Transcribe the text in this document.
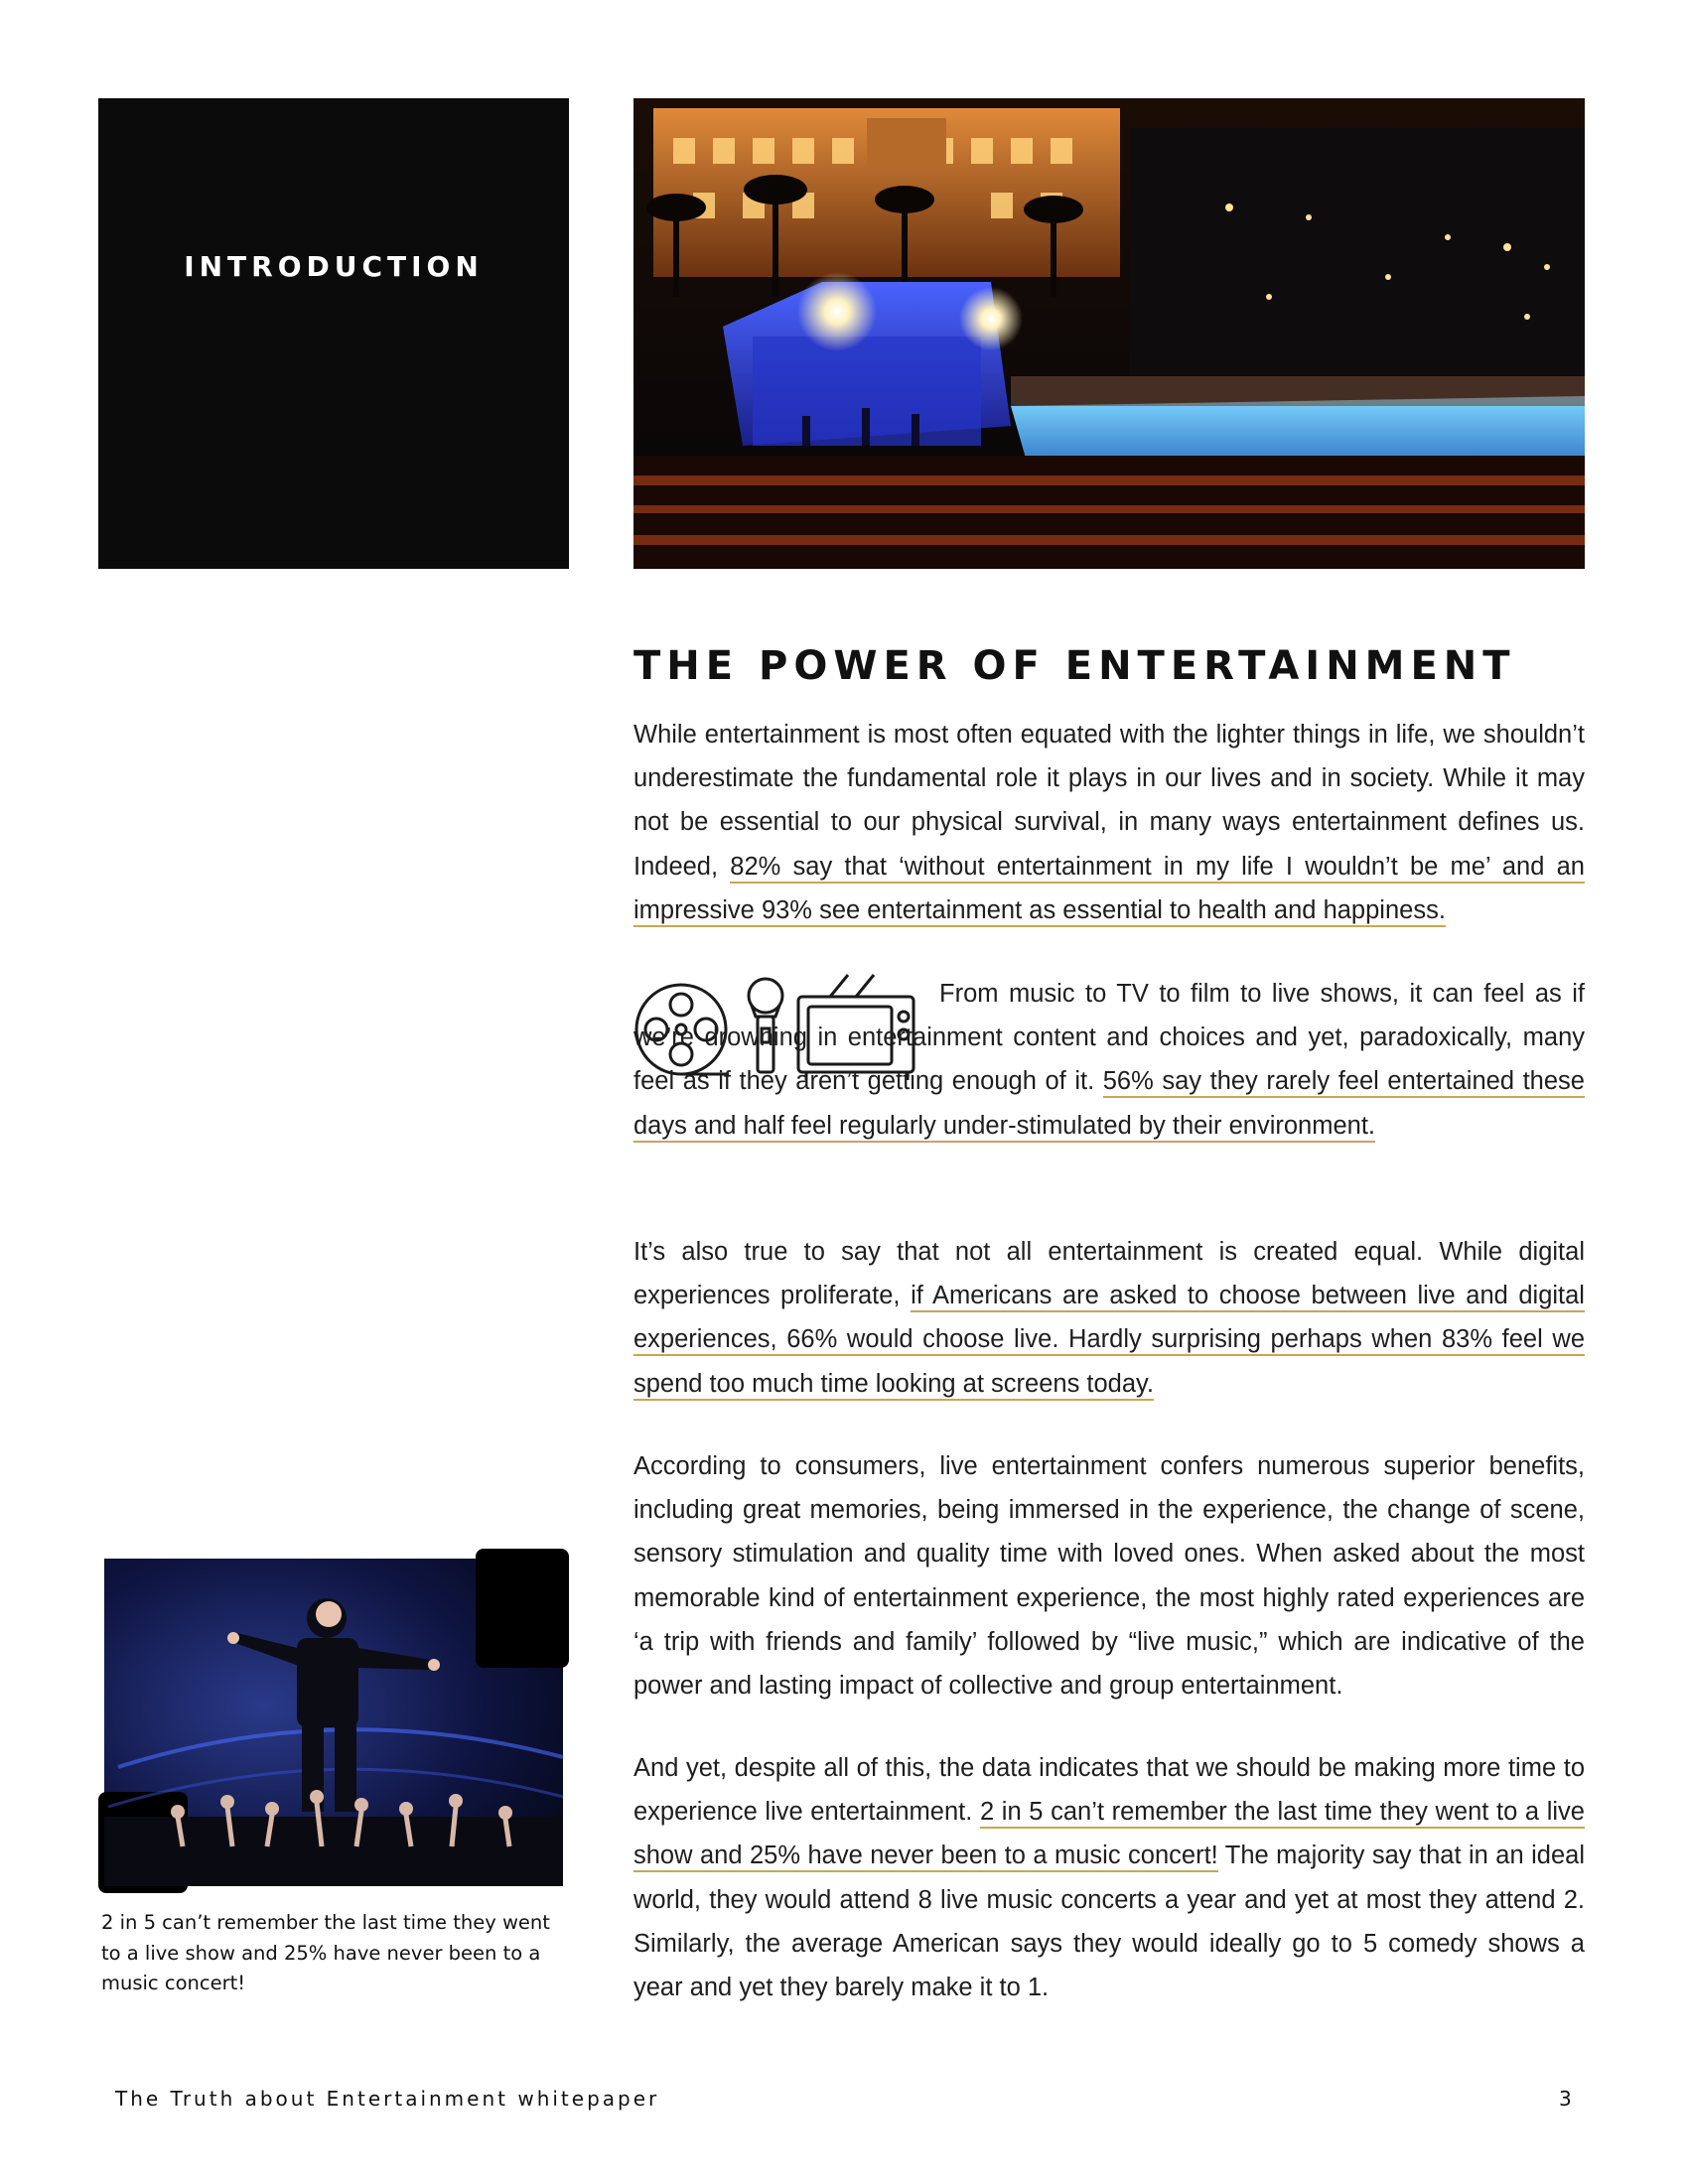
INTRODUCTION
THE POWER OF ENTERTAINMENT

While entertainment is most often equated with the lighter things in life, we shouldn’t underestimate the fundamental role it plays in our lives and in society. While it may not be essential to our physical survival, in many ways entertainment defines us. Indeed, 82% say that ‘without entertainment in my life I wouldn’t be me’ and an impressive 93% see entertainment as essential to health and happiness.

From music to TV to film to live shows, it can feel as if we’re drowning in entertainment content and choices and yet, paradoxically, many feel as if they aren’t getting enough of it. 56% say they rarely feel entertained these days and half feel regularly under-stimulated by their environment.

It’s also true to say that not all entertainment is created equal. While digital experiences proliferate, if Americans are asked to choose between live and digital experiences, 66% would choose live. Hardly surprising perhaps when 83% feel we spend too much time looking at screens today.

According to consumers, live entertainment confers numerous superior benefits, including great memories, being immersed in the experience, the change of scene, sensory stimulation and quality time with loved ones. When asked about the most memorable kind of entertainment experience, the most highly rated experiences are ‘a trip with friends and family’ followed by “live music,” which are indicative of the power and lasting impact of collective and group entertainment.

And yet, despite all of this, the data indicates that we should be making more time to experience live entertainment. 2 in 5 can’t remember the last time they went to a live show and 25% have never been to a music concert! The majority say that in an ideal world, they would attend 8 live music concerts a year and yet at most they attend 2. Similarly, the average American says they would ideally go to 5 comedy shows a year and yet they barely make it to 1.

2 in 5 can’t remember the last time they went to a live show and 25% have never been to a music concert!

The Truth about Entertainment whitepaper	3
